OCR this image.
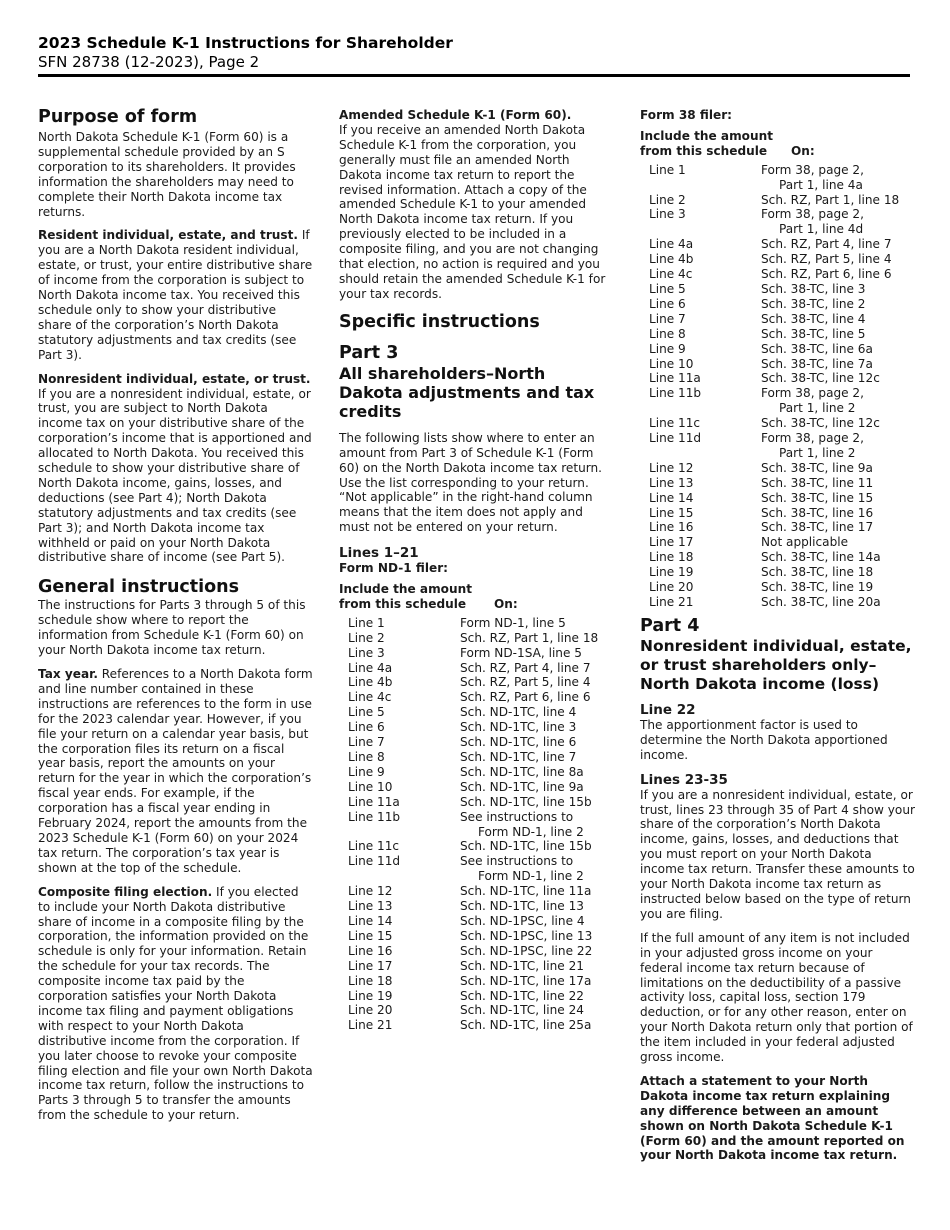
2023 Schedule K-1 Instructions for Shareholder
SFN 28738 (12-2023), Page 2
Purpose of form

North Dakota Schedule K-1 (Form 60) is a supplemental schedule provided by an S corporation to its shareholders. It provides information the shareholders may need to complete their North Dakota income tax returns.

Resident individual, estate, and trust. If you are a North Dakota resident individual, estate, or trust, your entire distributive share of income from the corporation is subject to North Dakota income tax. You received this schedule only to show your distributive share of the corporation’s North Dakota statutory adjustments and tax credits (see Part 3).

Nonresident individual, estate, or trust. If you are a nonresident individual, estate, or trust, you are subject to North Dakota income tax on your distributive share of the corporation’s income that is apportioned and allocated to North Dakota. You received this schedule to show your distributive share of North Dakota income, gains, losses, and deductions (see Part 4); North Dakota statutory adjustments and tax credits (see Part 3); and North Dakota income tax withheld or paid on your North Dakota distributive share of income (see Part 5).

General instructions

The instructions for Parts 3 through 5 of this schedule show where to report the information from Schedule K-1 (Form 60) on your North Dakota income tax return.

Tax year. References to a North Dakota form and line number contained in these instructions are references to the form in use for the 2023 calendar year. However, if you file your return on a calendar year basis, but the corporation files its return on a fiscal year basis, report the amounts on your return for the year in which the corporation’s fiscal year ends. For example, if the corporation has a fiscal year ending in February 2024, report the amounts from the 2023 Schedule K-1 (Form 60) on your 2024 tax return. The corporation’s tax year is shown at the top of the schedule.

Composite filing election. If you elected to include your North Dakota distributive share of income in a composite filing by the corporation, the information provided on the schedule is only for your information. Retain the schedule for your tax records. The composite income tax paid by the corporation satisfies your North Dakota income tax filing and payment obligations with respect to your North Dakota distributive income from the corporation. If you later choose to revoke your composite filing election and file your own North Dakota income tax return, follow the instructions to Parts 3 through 5 to transfer the amounts from the schedule to your return.

Amended Schedule K-1 (Form 60).

If you receive an amended North Dakota Schedule K-1 from the corporation, you generally must file an amended North Dakota income tax return to report the revised information. Attach a copy of the amended Schedule K-1 to your amended North Dakota income tax return. If you previously elected to be included in a composite filing, and you are not changing that election, no action is required and you should retain the amended Schedule K-1 for your tax records.

Specific instructions
Part 3
All shareholders–North Dakota adjustments and tax credits

The following lists show where to enter an amount from Part 3 of Schedule K-1 (Form 60) on the North Dakota income tax return. Use the list corresponding to your return. “Not applicable” in the right-hand column means that the item does not apply and must not be entered on your return.

Lines 1–21
Form ND-1 filer:
Include the amount
from this schedule	On:
Line 1	Form ND-1, line 5

Line 2	Sch. RZ, Part 1, line 18

Line 3	Form ND-1SA, line 5

Line 4a	Sch. RZ, Part 4, line 7

Line 4b	Sch. RZ, Part 5, line 4

Line 4c	Sch. RZ, Part 6, line 6

Line 5	Sch. ND-1TC, line 4

Line 6	Sch. ND-1TC, line 3

Line 7	Sch. ND-1TC, line 6

Line 8	Sch. ND-1TC, line 7

Line 9	Sch. ND-1TC, line 8a

Line 10	Sch. ND-1TC, line 9a

Line 11a	Sch. ND-1TC, line 15b

Line 11b	See instructions to
Form ND-1, line 2

Line 11c	Sch. ND-1TC, line 15b

Line 11d	See instructions to
Form ND-1, line 2

Line 12	Sch. ND-1TC, line 11a

Line 13	Sch. ND-1TC, line 13

Line 14	Sch. ND-1PSC, line 4

Line 15	Sch. ND-1PSC, line 13

Line 16	Sch. ND-1PSC, line 22

Line 17	Sch. ND-1TC, line 21

Line 18	Sch. ND-1TC, line 17a

Line 19	Sch. ND-1TC, line 22

Line 20	Sch. ND-1TC, line 24

Line 21	Sch. ND-1TC, line 25a
Form 38 filer:
Include the amount
from this schedule	On:
Line 1	Form 38, page 2,
Part 1, line 4a

Line 2	Sch. RZ, Part 1, line 18

Line 3	Form 38, page 2,
Part 1, line 4d

Line 4a	Sch. RZ, Part 4, line 7

Line 4b	Sch. RZ, Part 5, line 4

Line 4c	Sch. RZ, Part 6, line 6

Line 5	Sch. 38-TC, line 3

Line 6	Sch. 38-TC, line 2

Line 7	Sch. 38-TC, line 4

Line 8	Sch. 38-TC, line 5

Line 9	Sch. 38-TC, line 6a

Line 10	Sch. 38-TC, line 7a

Line 11a	Sch. 38-TC, line 12c

Line 11b	Form 38, page 2,
Part 1, line 2

Line 11c	Sch. 38-TC, line 12c

Line 11d	Form 38, page 2,
Part 1, line 2

Line 12	Sch. 38-TC, line 9a

Line 13	Sch. 38-TC, line 11

Line 14	Sch. 38-TC, line 15

Line 15	Sch. 38-TC, line 16

Line 16	Sch. 38-TC, line 17

Line 17	Not applicable

Line 18	Sch. 38-TC, line 14a

Line 19	Sch. 38-TC, line 18

Line 20	Sch. 38-TC, line 19

Line 21	Sch. 38-TC, line 20a
Part 4
Nonresident individual, estate, or trust shareholders only–North Dakota income (loss)
Line 22

The apportionment factor is used to determine the North Dakota apportioned income.

Lines 23-35

If you are a nonresident individual, estate, or trust, lines 23 through 35 of Part 4 show your share of the corporation’s North Dakota income, gains, losses, and deductions that you must report on your North Dakota income tax return. Transfer these amounts to your North Dakota income tax return as instructed below based on the type of return you are filing.

If the full amount of any item is not included in your adjusted gross income on your federal income tax return because of limitations on the deductibility of a passive activity loss, capital loss, section 179 deduction, or for any other reason, enter on your North Dakota return only that portion of the item included in your federal adjusted gross income.

Attach a statement to your North Dakota income tax return explaining any difference between an amount shown on North Dakota Schedule K-1 (Form 60) and the amount reported on your North Dakota income tax return.
